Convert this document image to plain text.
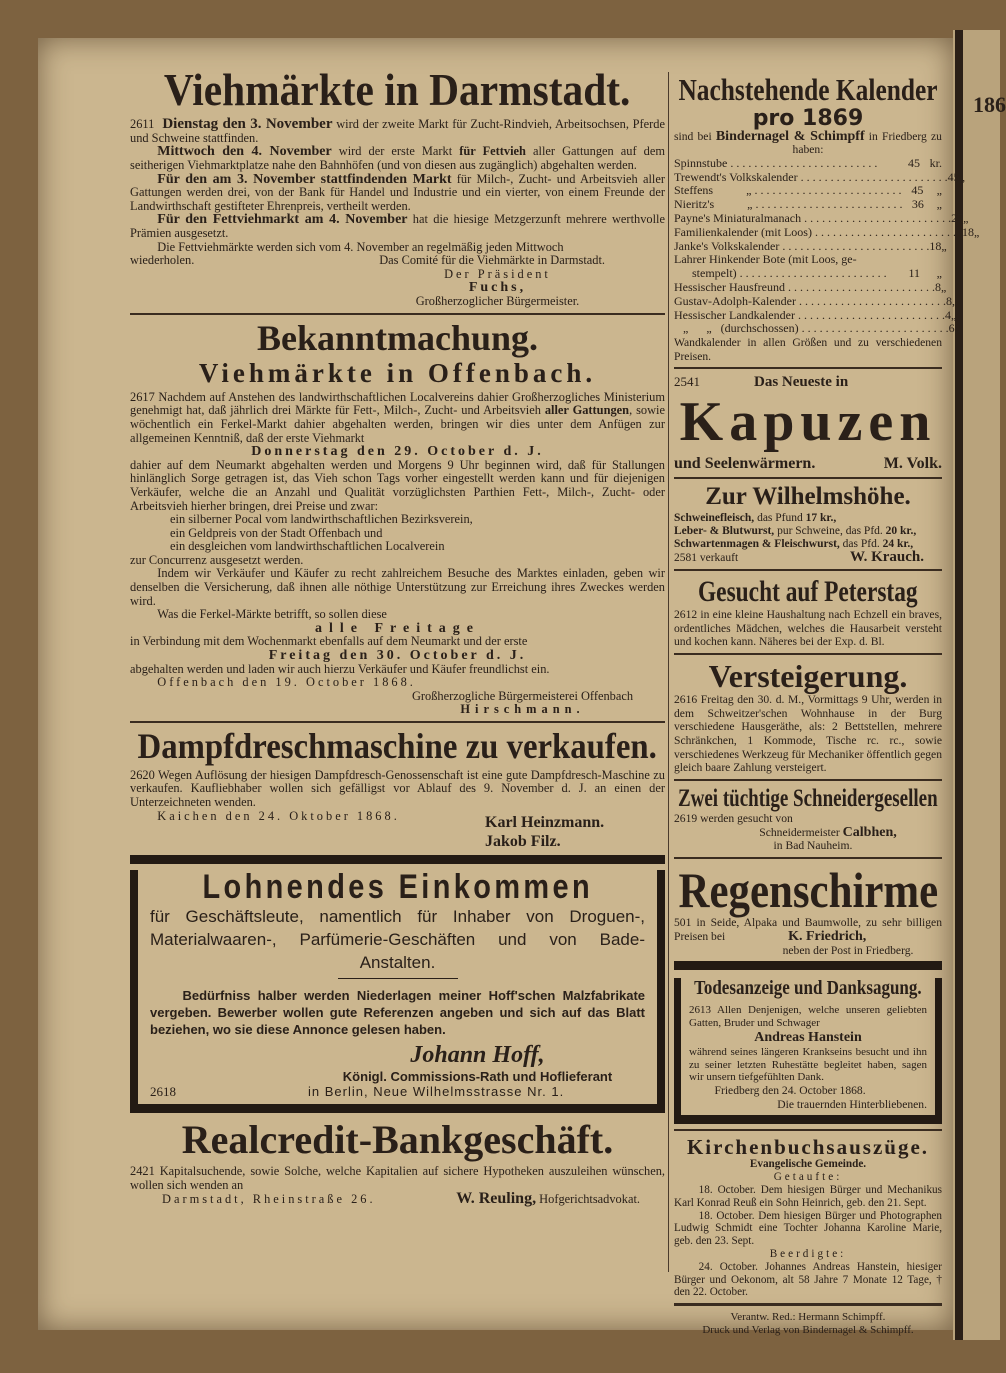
186
Viehmärkte in Darmstadt.

2611 Dienstag den 3. November wird der zweite Markt für Zucht-Rindvieh, Arbeitsochsen, Pferde und Schweine stattfinden.

Mittwoch den 4. November wird der erste Markt für Fettvieh aller Gattungen auf dem seitherigen Viehmarktplatze nahe den Bahnhöfen (und von diesen aus zugänglich) abgehalten werden.

Für den am 3. November stattfindenden Markt für Milch-, Zucht- und Arbeitsvieh aller Gattungen werden drei, von der Bank für Handel und Industrie und ein vierter, von einem Freunde der Landwirthschaft gestifteter Ehrenpreis, vertheilt werden.

Für den Fettviehmarkt am 4. November hat die hiesige Metzgerzunft mehrere werthvolle Prämien ausgesetzt.

Die Fettviehmärkte werden sich vom 4. November an regelmäßig jeden Mittwoch

wiederholen.	Das Comité für die Viehmärkte in Darmstadt.

Der Präsident

Fuchs,

Großherzoglicher Bürgermeister.

Bekanntmachung.
Viehmärkte in Offenbach.

2617 Nachdem auf Anstehen des landwirthschaftlichen Localvereins dahier Großherzogliches Ministerium genehmigt hat, daß jährlich drei Märkte für Fett-, Milch-, Zucht- und Arbeitsvieh aller Gattungen, sowie wöchentlich ein Ferkel-Markt dahier abgehalten werden, bringen wir dies unter dem Anfügen zur allgemeinen Kenntniß, daß der erste Viehmarkt

Donnerstag den 29. October d. J.

dahier auf dem Neumarkt abgehalten werden und Morgens 9 Uhr beginnen wird, daß für Stallungen hinlänglich Sorge getragen ist, das Vieh schon Tags vorher eingestellt werden kann und für diejenigen Verkäufer, welche die an Anzahl und Qualität vorzüglichsten Parthien Fett-, Milch-, Zucht- oder Arbeitsvieh hierher bringen, drei Preise und zwar:

ein silberner Pocal vom landwirthschaftlichen Bezirksverein,

ein Geldpreis von der Stadt Offenbach und

ein desgleichen vom landwirthschaftlichen Localverein

zur Concurrenz ausgesetzt werden.

Indem wir Verkäufer und Käufer zu recht zahlreichem Besuche des Marktes einladen, geben wir denselben die Versicherung, daß ihnen alle nöthige Unterstützung zur Erreichung ihres Zweckes werden wird.

Was die Ferkel-Märkte betrifft, so sollen diese

alle Freitage

in Verbindung mit dem Wochenmarkt ebenfalls auf dem Neumarkt und der erste

Freitag den 30. October d. J.

abgehalten werden und laden wir auch hierzu Verkäufer und Käufer freundlichst ein.

Offenbach den 19. October 1868.

Großherzogliche Bürgermeisterei Offenbach

Hirschmann.

Dampfdreschmaschine zu verkaufen.

2620 Wegen Auflösung der hiesigen Dampfdresch-Genossenschaft ist eine gute Dampfdresch-Maschine zu verkaufen. Kaufliebhaber wollen sich gefälligst vor Ablauf des 9. November d. J. an einen der Unterzeichneten wenden.

Kaichen den 24. Oktober 1868.	Karl Heinzmann.

Jakob Filz.

Lohnendes Einkommen

für Geschäftsleute, namentlich für Inhaber von Droguen-, Materialwaaren-, Parfümerie-Geschäften und von Bade-Anstalten.

Bedürfniss halber werden Niederlagen meiner Hoff'schen Malzfabrikate vergeben. Bewerber wollen gute Referenzen angeben und sich auf das Blatt beziehen, wo sie diese Annonce gelesen haben.

Johann Hoff,

Königl. Commissions-Rath und Hoflieferant

2618	in Berlin, Neue Wilhelmsstrasse Nr. 1.
Realcredit-Bankgeschäft.

2421 Kapitalsuchende, sowie Solche, welche Kapitalien auf sichere Hypotheken auszuleihen wünschen, wollen sich wenden an

Darmstadt, Rheinstraße 26.	W. Reuling, Hofgerichtsadvokat.

Nachstehende Kalender
pro 1869

sind bei Bindernagel & Schimpff in Friedberg zu haben:

Spinnstube . . .	45 kr.
Trewendt's Volkskalender . . .	45 „
Steffens           „ . . .	45	„
Nieritz's           „ . . .	36	„
Payne's Miniaturalmanach . . .	27 „
Familienkalender (mit Loos) . . .	18 „
Janke's Volkskalender . . .	18 „
Lahrer Hinkender Bote (mit Loos, ge-
stempelt) . . .	11	„
Hessischer Hausfreund . . .	8 „
Gustav-Adolph-Kalender . . .	8 „
Hessischer Landkalender . . .	4 „
„      „   (durchschossen) . . .	6 „

Wandkalender in allen Größen und zu verschiedenen Preisen.

2541	Das Neueste in
Kapuzen
und Seelenwärmern.	M. Volk.
Zur Wilhelmshöhe.
Schweinefleisch, das Pfund 17 kr.,
Leber- & Blutwurst, pur Schweine, das Pfd. 20 kr.,
Schwartenmagen & Fleischwurst, das Pfd. 24 kr.,
2581 verkauft	W. Krauch.
Gesucht auf Peterstag

2612 in eine kleine Haushaltung nach Echzell ein braves, ordentliches Mädchen, welches die Hausarbeit versteht und kochen kann. Näheres bei der Exp. d. Bl.

Versteigerung.

2616 Freitag den 30. d. M., Vormittags 9 Uhr, werden in dem Schweitzer'schen Wohnhause in der Burg verschiedene Hausgeräthe, als: 2 Bettstellen, mehrere Schränkchen, 1 Kommode, Tische rc. rc., sowie verschiedenes Werkzeug für Mechaniker öffentlich gegen gleich baare Zahlung versteigert.

Zwei tüchtige Schneidergesellen

2619 werden gesucht von

Schneidermeister Calbhen,

in Bad Nauheim.

Regenschirme

501 in Seide, Alpaka und Baumwolle, zu sehr billigen Preisen bei	K. Friedrich,

neben der Post in Friedberg.

Todesanzeige und Danksagung.

2613 Allen Denjenigen, welche unseren geliebten Gatten, Bruder und Schwager

Andreas Hanstein

während seines längeren Krankseins besucht und ihn zu seiner letzten Ruhestätte begleitet haben, sagen wir unsern tiefgefühlten Dank.

Friedberg den 24. October 1868.

Die trauernden Hinterbliebenen.

Kirchenbuchsauszüge.

Evangelische Gemeinde.

Getaufte:

18. October. Dem hiesigen Bürger und Mechanikus Karl Konrad Reuß ein Sohn Heinrich, geb. den 21. Sept.

18. October. Dem hiesigen Bürger und Photographen Ludwig Schmidt eine Tochter Johanna Karoline Marie, geb. den 23. Sept.

Beerdigte:

24. October. Johannes Andreas Hanstein, hiesiger Bürger und Oekonom, alt 58 Jahre 7 Monate 12 Tage, † den 22. October.

Verantw. Red.: Hermann Schimpff.

Druck und Verlag von Bindernagel & Schimpff.
